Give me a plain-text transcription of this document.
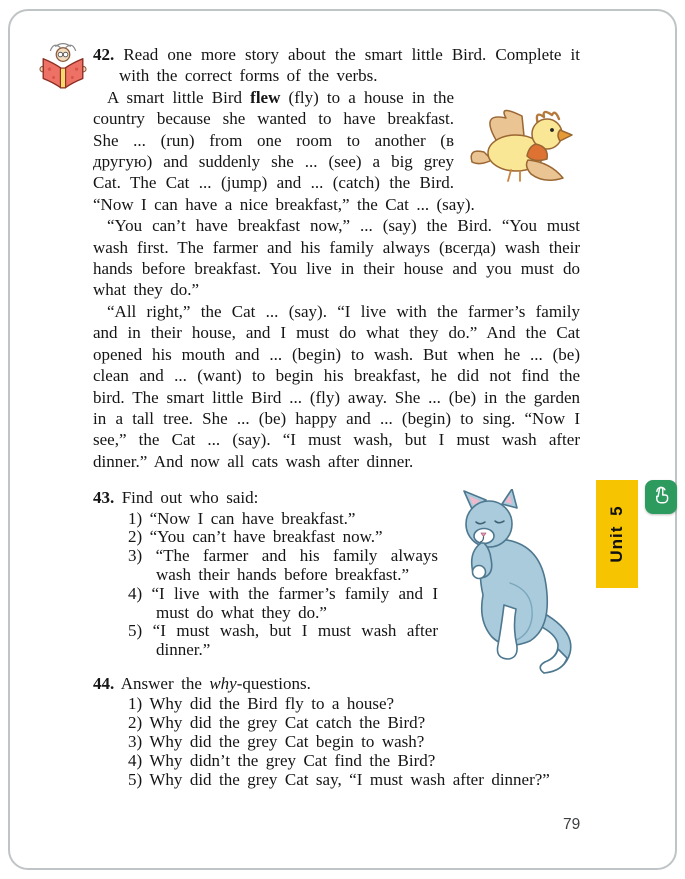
42. Read one more story about the smart little Bird. Complete it with the correct forms of the verbs.

A smart little Bird flew (fly) to a house in the country because she wanted to have breakfast. She ... (run) from one room to another (в другую) and suddenly she ... (see) a big grey Cat. The Cat ... (jump) and ... (catch) the Bird. “Now I can have a nice breakfast,” the Cat ... (say).

“You can’t have breakfast now,” ... (say) the Bird. “You must wash first. The farmer and his family always (всегда) wash their hands before breakfast. You live in their house and you must do what they do.”

“All right,” the Cat ... (say). “I live with the farmer’s family and in their house, and I must do what they do.” And the Cat opened his mouth and ... (begin) to wash. But when he ... (be) clean and ... (want) to begin his breakfast, he did not find the bird. The smart little Bird ... (fly) away. She ... (be) in the garden in a tall tree. She ... (be) happy and ... (begin) to sing. “Now I see,” the Cat ... (say). “I must wash, but I must wash after dinner.” And now all cats wash after dinner.

43. Find out who said:

1) “Now I can have breakfast.”

2) “You can’t have breakfast now.”

3) “The farmer and his family always wash their hands before breakfast.”

4) “I live with the farmer’s family and I must do what they do.”

5) “I must wash, but I must wash after dinner.”

44. Answer the why-questions.

1) Why did the Bird fly to a house?

2) Why did the grey Cat catch the Bird?

3) Why did the grey Cat begin to wash?

4) Why didn’t the grey Cat find the Bird?

5) Why did the grey Cat say, “I must wash after dinner?”

Unit 5
79
